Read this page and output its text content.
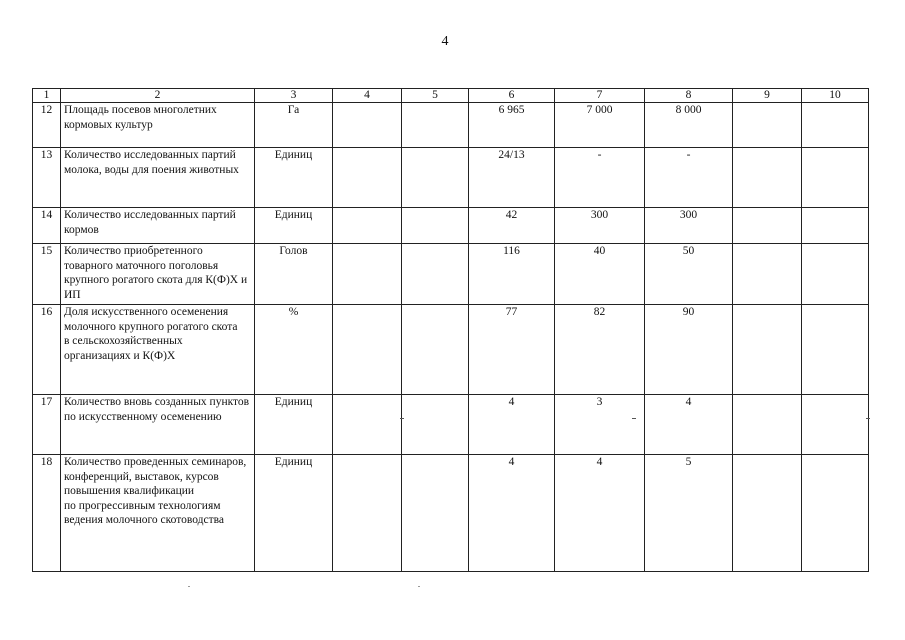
4
1	2	3	4	5	6	7	8	9	10
12	Площадь посевов многолетних кормовых культур	Га			6 965	7 000	8 000		
13	Количество исследованных партий молока, воды для поения животных	Единиц			24/13	-	-		
14	Количество исследованных партий кормов	Единиц			42	300	300		
15	Количество приобретенного товарного маточного поголовья крупного рогатого скота для К(Ф)Х и ИП	Голов			116	40	50		
16	Доля искусственного осеменения молочного крупного рогатого скота
в сельскохозяйственных организациях и К(Ф)Х	%			77	82	90		
17	Количество вновь созданных пунктов по искусственному осеменению	Единиц			4	3	4		
18	Количество проведенных семинаров, конференций, выставок, курсов повышения квалификации
по прогрессивным технологиям ведения молочного скотоводства	Единиц			4	4	5		
